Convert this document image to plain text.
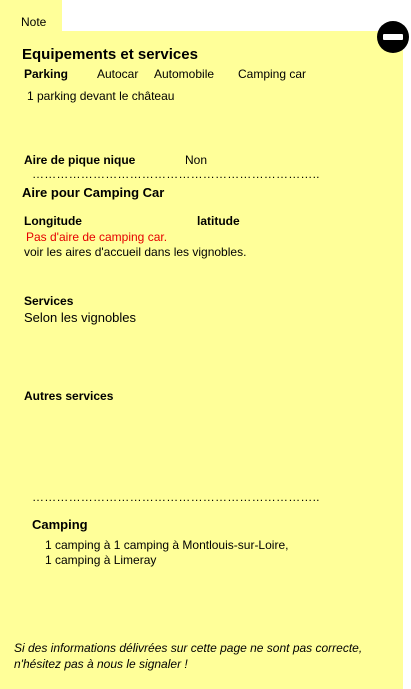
Note
Equipements et services
Parking Autocar Automobile Camping car
1 parking devant le château
Aire de pique nique	Non
……………………………………………………………..
Aire pour Camping Car
Longitude	latitude
Pas d'aire de camping car.
voir les aires d'accueil dans les vignobles.
Services
Selon les vignobles
Autres services
……………………………………………………………..
Camping
1 camping à 1 camping à Montlouis-sur-Loire,
1 camping à Limeray
Si des informations délivrées sur cette page ne sont pas correcte,
n'hésitez pas à nous le signaler !
